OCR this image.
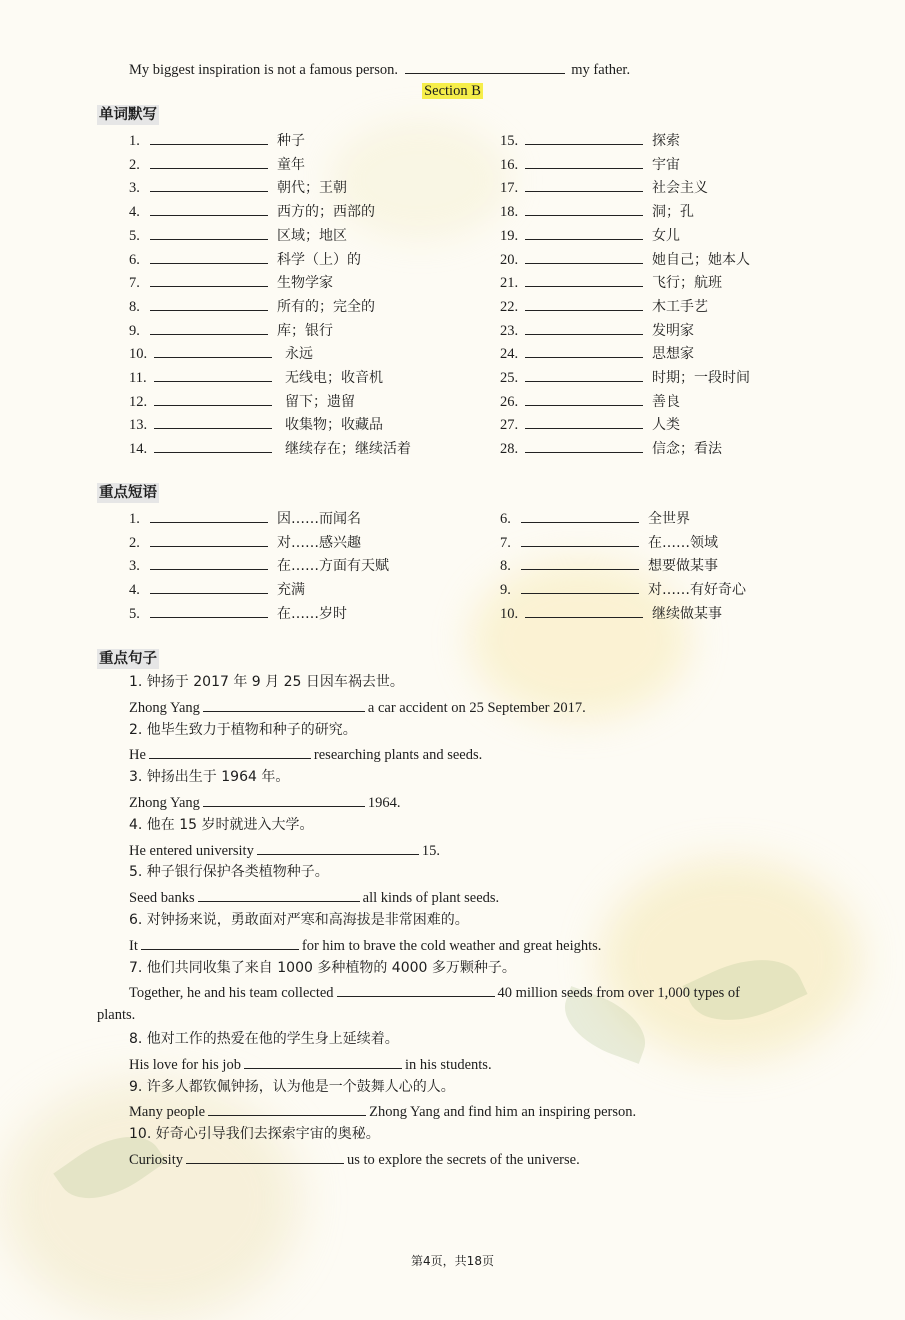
My biggest inspiration is not a famous person.	my father.
Section B
单词默写
1.	种子
2.	童年
3.	朝代；王朝
4.	西方的；西部的
5.	区域；地区
6.	科学（上）的
7.	生物学家
8.	所有的；完全的
9.	库；银行
10.	永远
11.	无线电；收音机
12.	留下；遗留
13.	收集物；收藏品
14.	继续存在；继续活着
15.	探索
16.	宇宙
17.	社会主义
18.	洞；孔
19.	女儿
20.	她自己；她本人
21.	飞行；航班
22.	木工手艺
23.	发明家
24.	思想家
25.	时期；一段时间
26.	善良
27.	人类
28.	信念；看法
重点短语
1.	因……而闻名
2.	对……感兴趣
3.	在……方面有天赋
4.	充满
5.	在……岁时
6.	全世界
7.	在……领域
8.	想要做某事
9.	对……有好奇心
10.	继续做某事
重点句子
1. 钟扬于 2017 年 9 月 25 日因车祸去世。
Zhong Yang	a car accident on 25 September 2017.
2. 他毕生致力于植物和种子的研究。
He	researching plants and seeds.
3. 钟扬出生于 1964 年。
Zhong Yang	1964.
4. 他在 15 岁时就进入大学。
He entered university	15.
5. 种子银行保护各类植物种子。
Seed banks	all kinds of plant seeds.
6. 对钟扬来说，勇敢面对严寒和高海拔是非常困难的。
It	for him to brave the cold weather and great heights.
7. 他们共同收集了来自 1000 多种植物的 4000 多万颗种子。
Together, he and his team collected	40 million seeds from over 1,000 types of
plants.
8. 他对工作的热爱在他的学生身上延续着。
His love for his job	in his students.
9. 许多人都钦佩钟扬，认为他是一个鼓舞人心的人。
Many people	Zhong Yang and find him an inspiring person.
10. 好奇心引导我们去探索宇宙的奥秘。
Curiosity	us to explore the secrets of the universe.
第4页，共18页
